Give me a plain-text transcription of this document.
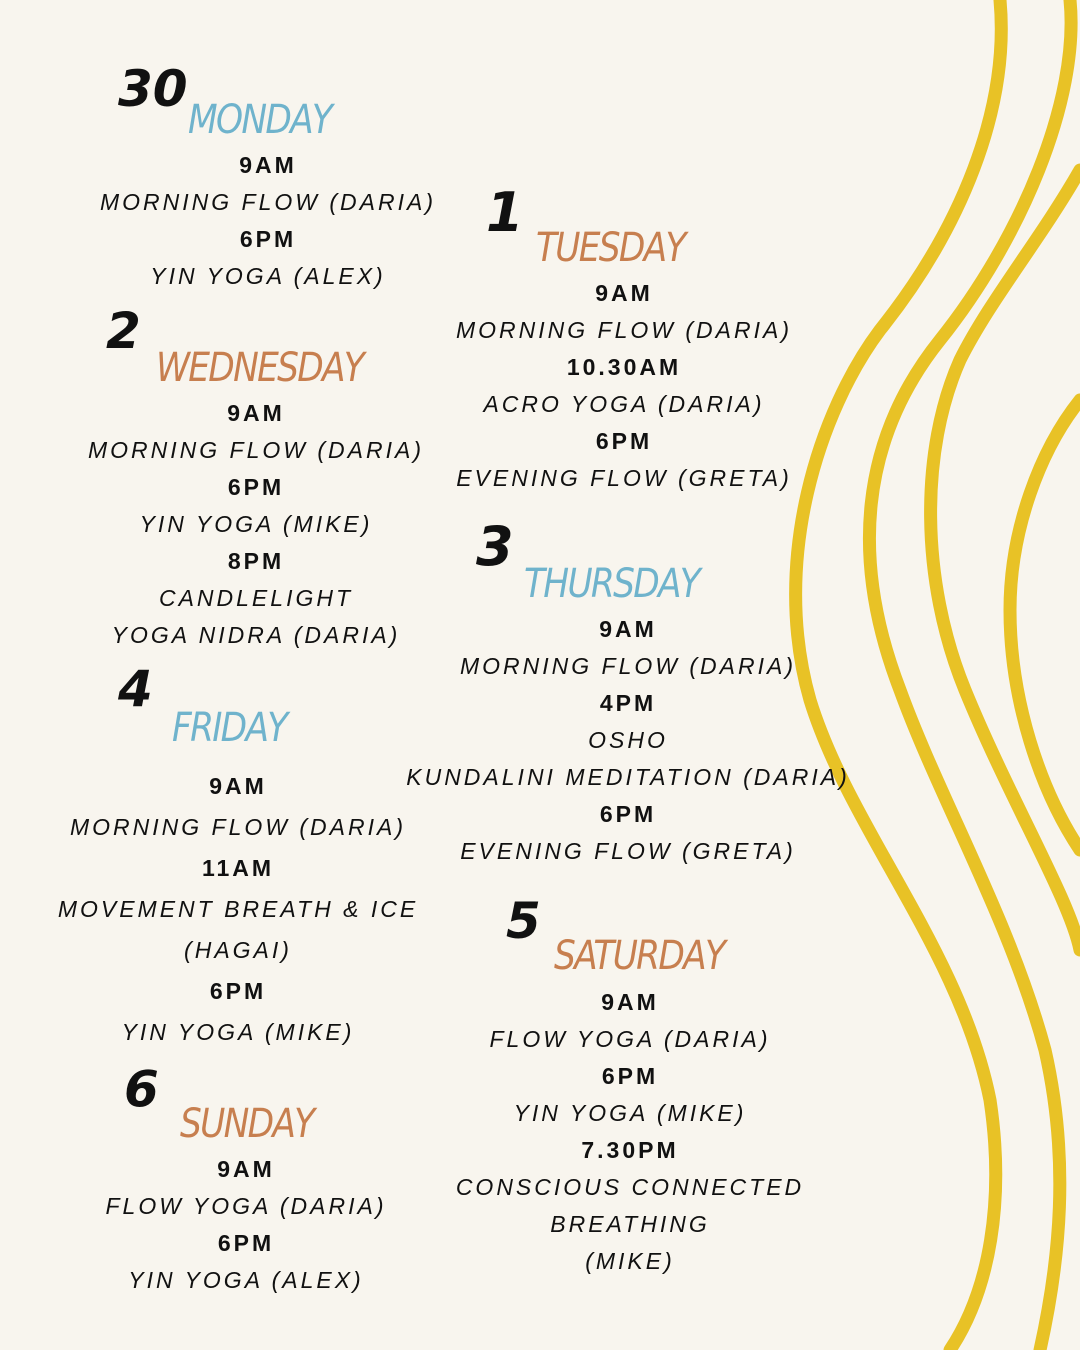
30
MONDAY
9AM
MORNING FLOW (DARIA)
6PM
YIN YOGA (ALEX)
1
TUESDAY
9AM
MORNING FLOW (DARIA)
10.30AM
ACRO YOGA (DARIA)
6PM
EVENING FLOW (GRETA)
2
WEDNESDAY
9AM
MORNING FLOW (DARIA)
6PM
YIN YOGA (MIKE)
8PM
CANDLELIGHT
YOGA NIDRA (DARIA)
3
THURSDAY
9AM
MORNING FLOW (DARIA)
4PM
OSHO
KUNDALINI MEDITATION (DARIA)
6PM
EVENING FLOW (GRETA)
4
FRIDAY
9AM
MORNING FLOW (DARIA)
11AM
MOVEMENT BREATH & ICE
(HAGAI)
6PM
YIN YOGA (MIKE)
5
SATURDAY
9AM
FLOW YOGA (DARIA)
6PM
YIN YOGA (MIKE)
7.30PM
CONSCIOUS CONNECTED
BREATHING
(MIKE)
6
SUNDAY
9AM
FLOW YOGA (DARIA)
6PM
YIN YOGA (ALEX)
